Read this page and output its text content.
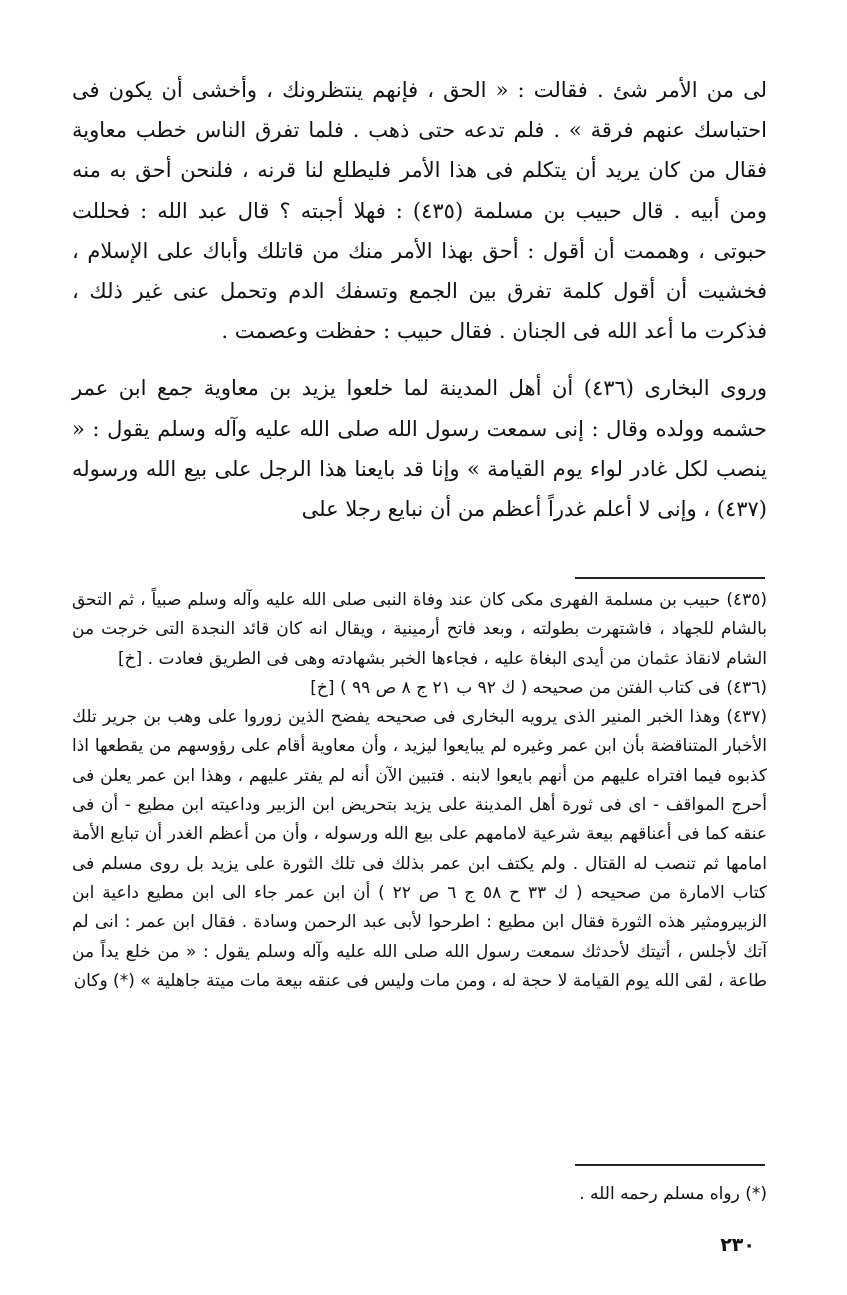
لى من الأمر شئ . فقالت : « الحق ، فإنهم ينتظرونك ، وأخشى أن يكون فى احتباسك عنهم فرقة » . فلم تدعه حتى ذهب . فلما تفرق الناس خطب معاوية فقال من كان يريد أن يتكلم فى هذا الأمر فليطلع لنا قرنه ، فلنحن أحق به منه ومن أبيه . قال حبيب بن مسلمة (٤٣٥) : فهلا أجبته ؟ قال عبد الله : فحللت حبوتى ، وهممت أن أقول : أحق بهذا الأمر منك من قاتلك وأباك على الإسلام ، فخشيت أن أقول كلمة تفرق بين الجمع وتسفك الدم وتحمل عنى غير ذلك ، فذكرت ما أعد الله فى الجنان . فقال حبيب : حفظت وعصمت .

وروى البخارى (٤٣٦) أن أهل المدينة لما خلعوا يزيد بن معاوية جمع ابن عمر حشمه وولده وقال : إنى سمعت رسول الله صلى الله عليه وآله وسلم يقول : « ينصب لكل غادر لواء يوم القيامة » وإنا قد بايعنا هذا الرجل على بيع الله ورسوله (٤٣٧) ، وإنى لا أعلم غدراً أعظم من أن نبايع رجلا على

(٤٣٥)حبيب بن مسلمة الفهرى مكى كان عند وفاة النبى صلى الله عليه وآله وسلم صبياً ، ثم التحق بالشام للجهاد ، فاشتهرت بطولته ، وبعد فاتح أرمينية ، ويقال انه كان قائد النجدة التى خرجت من الشام لانقاذ عثمان من أيدى البغاة عليه ، فجاءها الخبر بشهادته وهى فى الطريق فعادت . [خ]

(٤٣٦)فى كتاب الفتن من صحيحه ( ك ٩٢ ب ٢١ ج ٨ ص ٩٩ ) [خ]

(٤٣٧)وهذا الخبر المنير الذى يرويه البخارى فى صحيحه يفضح الذين زوروا على وهب بن جرير تلك الأخبار المتناقضة بأن ابن عمر وغيره لم يبايعوا ليزيد ، وأن معاوية أقام على رؤوسهم من يقطعها اذا كذبوه فيما افتراه عليهم من أنهم بايعوا لابنه . فتبين الآن أنه لم يفتر عليهم ، وهذا ابن عمر يعلن فى أحرج المواقف - اى فى ثورة أهل المدينة على يزيد بتحريض ابن الزبير وداعيته ابن مطيع - أن فى عنقه كما فى أعناقهم بيعة شرعية لامامهم على بيع الله ورسوله ، وأن من أعظم الغدر أن تبايع الأمة امامها ثم تنصب له القتال . ولم يكتف ابن عمر بذلك فى تلك الثورة على يزيد بل روى مسلم فى كتاب الامارة من صحيحه ( ك ٣٣ ح ٥٨ ج ٦ ص ٢٢ ) أن ابن عمر جاء الى ابن مطيع داعية ابن الزبيرومثير هذه الثورة فقال ابن مطيع : اطرحوا لأبى عبد الرحمن وسادة . فقال ابن عمر : انى لم آتك لأجلس ، أتيتك لأحدثك سمعت رسول الله صلى الله عليه وآله وسلم يقول : « من خلع يداً من طاعة ، لقى الله يوم القيامة لا حجة له ، ومن مات وليس فى عنقه بيعة مات ميتة جاهلية » (*) وكان

(*) رواه مسلم رحمه الله .

٢٣٠
